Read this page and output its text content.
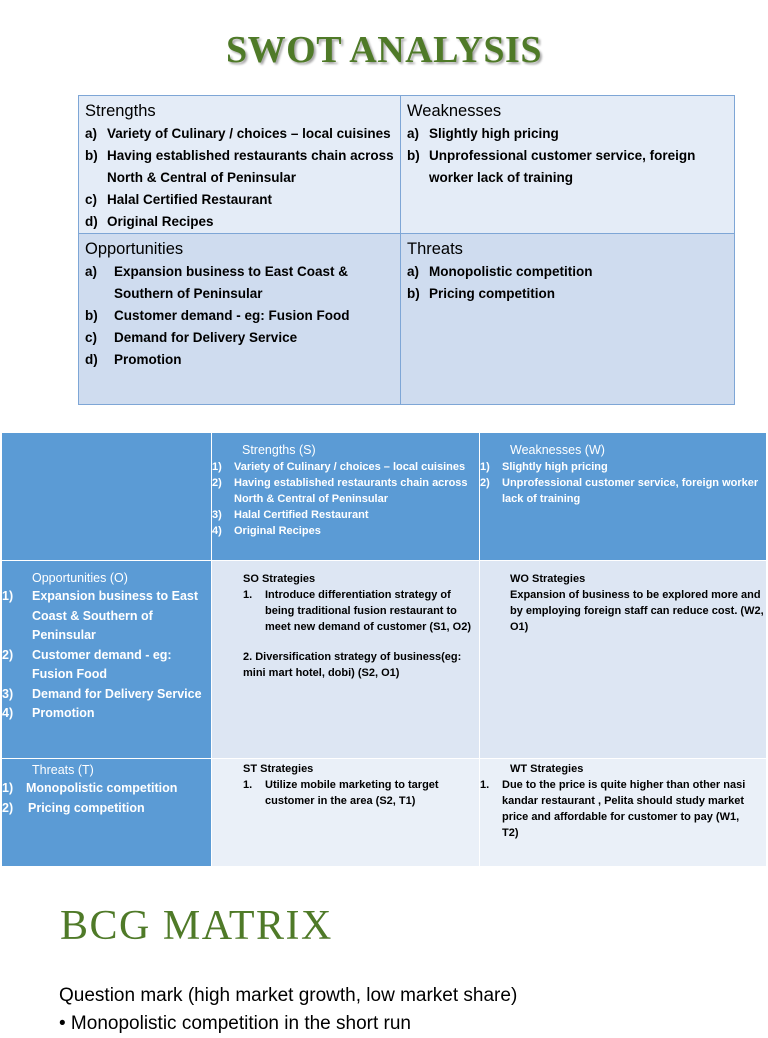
SWOT ANALYSIS
Strengths
a) Variety of Culinary / choices – local cuisines
b) Having established restaurants chain across North & Central of Peninsular
c) Halal Certified Restaurant
d) Original Recipes
Weaknesses
a) Slightly high pricing
b) Unprofessional customer service, foreign worker lack of training
Opportunities
a)	Expansion business to East Coast & Southern of Peninsular
b)	Customer demand - eg: Fusion Food
c)	Demand for Delivery Service
d)	Promotion
Threats
a) Monopolistic competition
b) Pricing competition
Strengths (S)
1)	Variety of Culinary / choices – local cuisines
2)	Having established restaurants chain across North & Central of Peninsular
3)	Halal Certified Restaurant
4)	Original Recipes
Weaknesses (W)
1)	Slightly high pricing
2)	Unprofessional customer service, foreign worker lack of training
Opportunities (O)
1)	Expansion business to East Coast & Southern of Peninsular
2)	Customer demand - eg: Fusion Food
3)	Demand for Delivery Service
4)	Promotion
SO Strategies
1.	Introduce differentiation strategy of being traditional fusion restaurant to meet new demand of customer (S1, O2)
2. Diversification strategy of business(eg: mini mart hotel, dobi) (S2, O1)
WO Strategies
Expansion of business to be explored more and by employing foreign staff can reduce cost. (W2, O1)
Threats (T)
1)	Monopolistic competition
2)	Pricing competition
ST Strategies
1.	Utilize mobile marketing to target customer in the area (S2, T1)
WT Strategies
1.	Due to the price is quite higher than other nasi kandar restaurant , Pelita should study market price and affordable for customer to pay (W1, T2)
BCG MATRIX
Question mark (high market growth, low market share)
• Monopolistic competition in the short run
